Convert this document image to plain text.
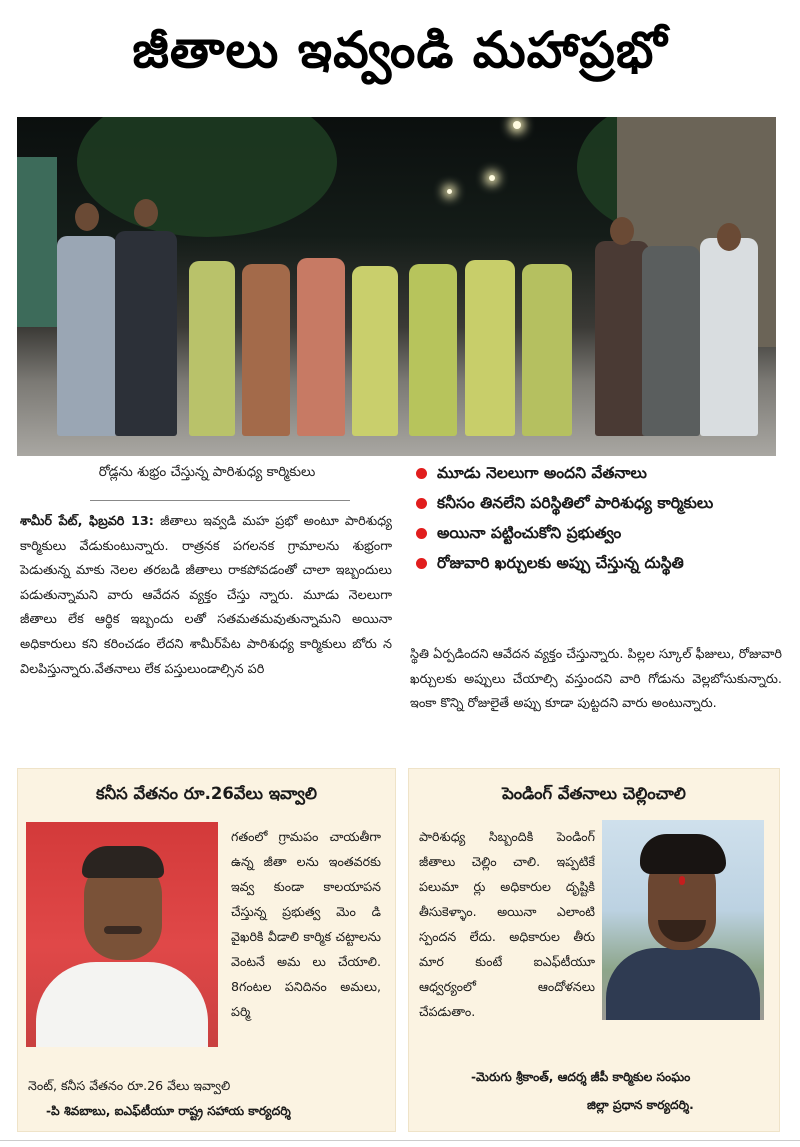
జీతాలు ఇవ్వండి మహాప్రభో
రోడ్లను శుభ్రం చేస్తున్న పారిశుధ్య కార్మికులు	మూడు నెలలుగా అందని వేతనాలు
కనీసం తినలేని పరిస్థితిలో పారిశుధ్య కార్మికులు
అయినా పట్టించుకోని ప్రభుత్వం
రోజువారి ఖర్చులకు అప్పు చేస్తున్న దుస్థితి
శామీర్ పేట్, ఫిబ్రవరి 13: జీతాలు ఇవ్వడి మహ ప్రభో అంటూ పారిశుధ్య కార్మికులు వేడుకుంటున్నారు. రాత్రనక పగలనక గ్రామాలను శుభ్రంగా పెడుతున్న మాకు నెలల తరబడి జీతాలు రాకపోవడంతో చాలా ఇబ్బందులు పడుతున్నామని వారు ఆవేదన వ్యక్తం చేస్తు న్నారు. మూడు నెలలుగా జీతాలు లేక ఆర్థిక ఇబ్బందు లతో సతమతమవుతున్నామని అయినా అధికారులు కని కరించడం లేదని శామీర్‌పేట పారిశుధ్య కార్మికులు బోరు న విలపిస్తున్నారు.వేతనాలు లేక పస్తులుండాల్సిన పరి
స్థితి ఏర్పడిందని ఆవేదన వ్యక్తం చేస్తున్నారు. పిల్లల స్కూల్ ఫీజులు, రోజువారి ఖర్చులకు అప్పులు చేయాల్సి వస్తుందని వారి గోడును వెల్లబోసుకున్నారు. ఇంకా కొన్ని రోజులైతే అప్పు కూడా పుట్టదని వారు అంటున్నారు.
కనీస వేతనం రూ.26వేలు ఇవ్వాలి
గతంలో గ్రామపం చాయతీగా ఉన్న జీతా లను ఇంతవరకు ఇవ్వ కుండా కాలయాపన చేస్తున్న ప్రభుత్వ మెం డి వైఖరికి వీడాలి కార్మిక చట్టాలను వెంటనే అమ లు చేయాలి. 8గంటల పనిదినం అమలు, పర్మి
నెంట్, కనీస వేతనం రూ.26 వేలు ఇవ్వాలి
-పి శివబాబు, ఐఎఫ్‌టీయూ రాష్ట్ర సహాయ కార్యదర్శి
పెండింగ్ వేతనాలు చెల్లించాలి
పారిశుధ్య సిబ్బందికి పెండింగ్ జీతాలు చెల్లిం చాలి. ఇప్పటికే పలుమా ర్లు అధికారుల దృష్టికి తీసుకెళ్ళాం. అయినా ఎలాంటి స్పందన లేదు. అధికారుల తీరు మార కుంటే ఐఎఫ్‌టీయూ ఆధ్వర్యంలో ఆందోళనలు చేపడుతాం.
-మెరుగు శ్రీకాంత్, ఆదర్శ జీపీ కార్మికుల సంఘం
జిల్లా ప్రధాన కార్యదర్శి.
